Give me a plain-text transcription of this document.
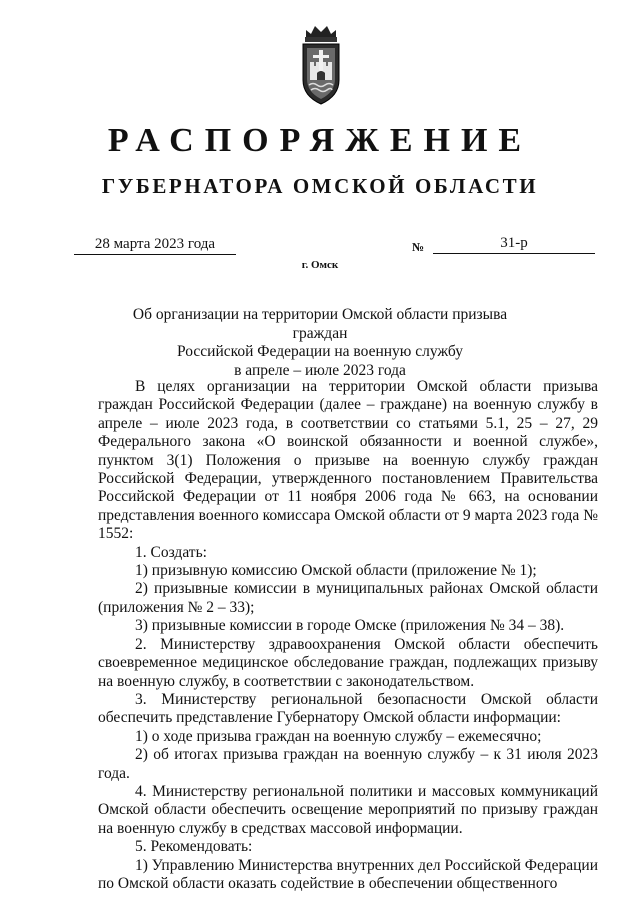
РАСПОРЯЖЕНИЕ
ГУБЕРНАТОРА ОМСКОЙ ОБЛАСТИ
28 марта 2023 года	№	31-р
г. Омск
Об организации на территории Омской области призыва граждан
Российской Федерации на военную службу
в апреле – июле 2023 года

В целях организации на территории Омской области призыва граждан Российской Федерации (далее – граждане) на военную службу в апреле – июле 2023 года, в соответствии со статьями 5.1, 25 – 27, 29 Федерального закона «О воинской обязанности и военной службе», пунктом 3(1) Положения о призыве на военную службу граждан Российской Федерации, утвержденного постановлением Правительства Российской Федерации от 11 ноября 2006 года № 663, на основании представления военного комиссара Омской области от 9 марта 2023 года № 1552:

1. Создать:

1) призывную комиссию Омской области (приложение № 1);

2) призывные комиссии в муниципальных районах Омской области (приложения № 2 – 33);

3) призывные комиссии в городе Омске (приложения № 34 – 38).

2. Министерству здравоохранения Омской области обеспечить своевременное медицинское обследование граждан, подлежащих призыву на военную службу, в соответствии с законодательством.

3. Министерству региональной безопасности Омской области обеспечить представление Губернатору Омской области информации:

1) о ходе призыва граждан на военную службу – ежемесячно;

2) об итогах призыва граждан на военную службу – к 31 июля 2023 года.

4. Министерству региональной политики и массовых коммуникаций Омской области обеспечить освещение мероприятий по призыву граждан на военную службу в средствах массовой информации.

5. Рекомендовать:

1) Управлению Министерства внутренних дел Российской Федерации по Омской области оказать содействие в обеспечении общественного
